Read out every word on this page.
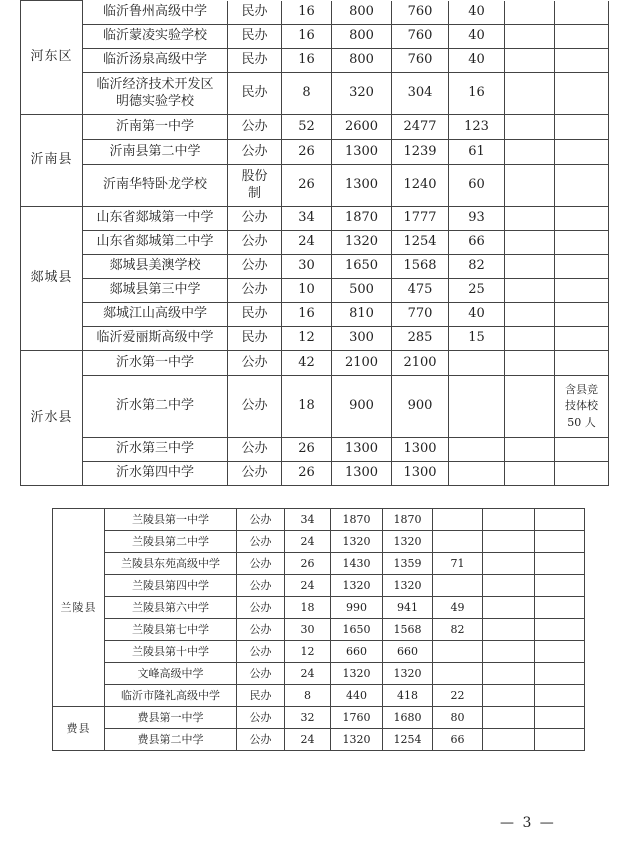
河东区	临沂鲁州高级中学	民办	16	800	760	40		
	临沂蒙凌实验学校	民办	16	800	760	40		
	临沂汤泉高级中学	民办	16	800	760	40		

	临沂经济技术开发区
明德实验学校	民办	8	320	304	16		
沂南县	沂南第一中学	公办	52	2600	2477	123		
	沂南县第二中学	公办	26	1300	1239	61		
	沂南华特卧龙学校	股份
制	26	1300	1240	60		
郯城县	山东省郯城第一中学	公办	34	1870	1777	93		
	山东省郯城第二中学	公办	24	1320	1254	66		
	郯城县美澳学校	公办	30	1650	1568	82		
	郯城县第三中学	公办	10	500	475	25		
	郯城江山高级中学	民办	16	810	770	40		
	临沂爱丽斯高级中学	民办	12	300	285	15		
沂水县	沂水第一中学	公办	42	2100	2100			
	沂水第二中学	公办	18	900	900			含县竞
技体校
50 人

	沂水第三中学	公办	26	1300	1300			
	沂水第四中学	公办	26	1300	1300			
兰陵县	兰陵县第一中学	公办	34	1870	1870			
	兰陵县第二中学	公办	24	1320	1320			
	兰陵县东苑高级中学	公办	26	1430	1359	71		
	兰陵县第四中学	公办	24	1320	1320			
	兰陵县第六中学	公办	18	990	941	49		
	兰陵县第七中学	公办	30	1650	1568	82		
	兰陵县第十中学	公办	12	660	660			
	文峰高级中学	公办	24	1320	1320			
	临沂市隆礼高级中学	民办	8	440	418	22		
费县	费县第一中学	公办	32	1760	1680	80		
	费县第二中学	公办	24	1320	1254	66		
— 3 —
